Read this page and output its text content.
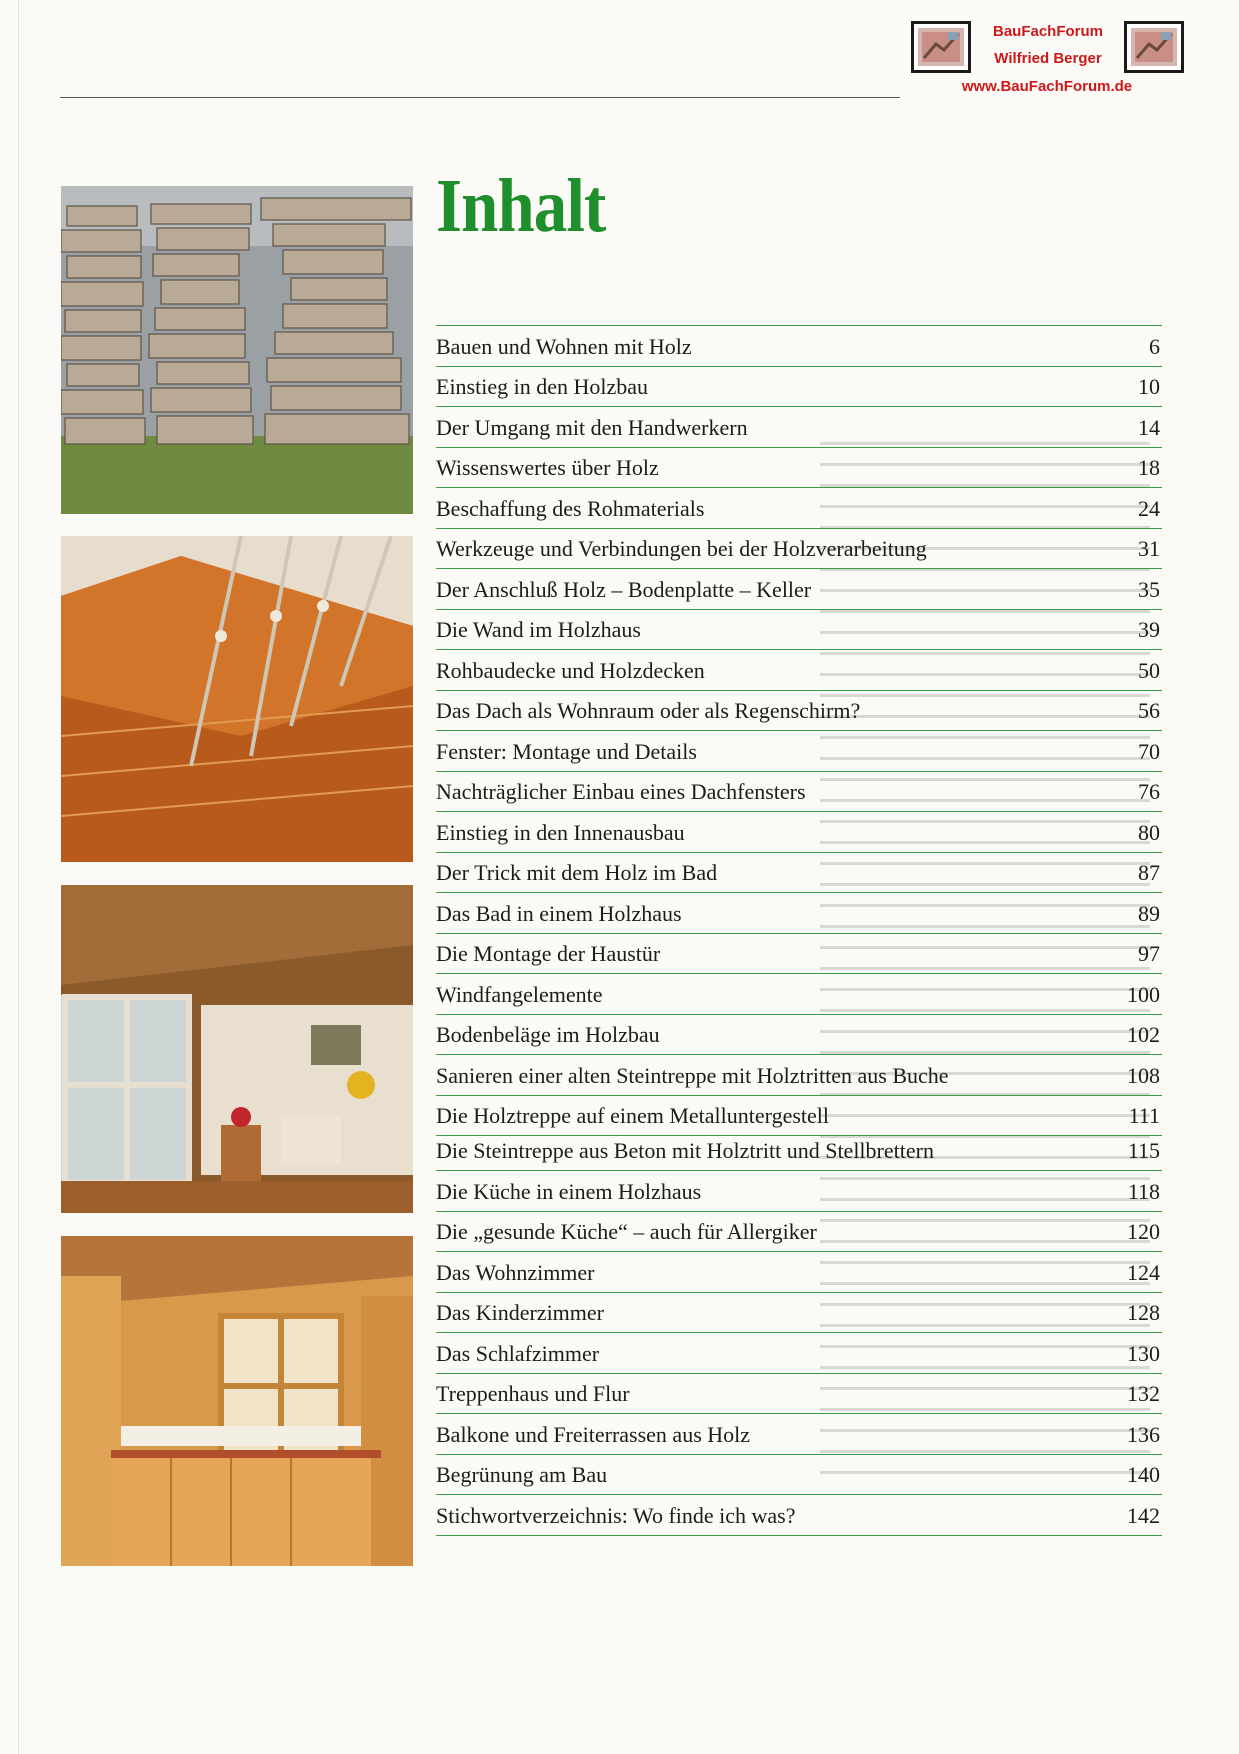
BauFachForum
Wilfried Berger
www.BauFachForum.de

Inhalt
Bauen und Wohnen mit Holz	6
Einstieg in den Holzbau	10
Der Umgang mit den Handwerkern	14
Wissenswertes über Holz	18
Beschaffung des Rohmaterials	24
Werkzeuge und Verbindungen bei der Holzverarbeitung	31
Der Anschluß Holz – Bodenplatte – Keller	35
Die Wand im Holzhaus	39
Rohbaudecke und Holzdecken	50
Das Dach als Wohnraum oder als Regenschirm?	56
Fenster: Montage und Details	70
Nachträglicher Einbau eines Dachfensters	76
Einstieg in den Innenausbau	80
Der Trick mit dem Holz im Bad	87
Das Bad in einem Holzhaus	89
Die Montage der Haustür	97
Windfangelemente	100
Bodenbeläge im Holzbau	102
Sanieren einer alten Steintreppe mit Holztritten aus Buche	108
Die Holztreppe auf einem Metalluntergestell	111
Die Steintreppe aus Beton mit Holztritt und Stellbrettern	115
Die Küche in einem Holzhaus	118
Die „gesunde Küche“ – auch für Allergiker	120
Das Wohnzimmer	124
Das Kinderzimmer	128
Das Schlafzimmer	130
Treppenhaus und Flur	132
Balkone und Freiterrassen aus Holz	136
Begrünung am Bau	140
Stichwortverzeichnis: Wo finde ich was?	142
